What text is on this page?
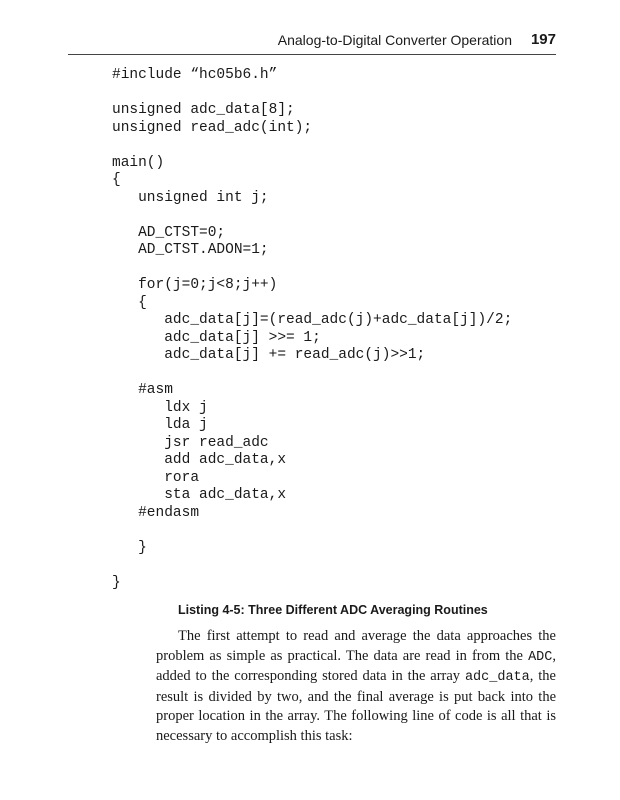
Analog-to-Digital Converter Operation 197
#include “hc05b6.h”
unsigned adc_data[8];
unsigned read_adc(int);
main()
{
unsigned int j;
AD_CTST=0;
AD_CTST.ADON=1;
for(j=0;j<8;j++)
{
adc_data[j]=(read_adc(j)+adc_data[j])/2;
adc_data[j] >>= 1;
adc_data[j] += read_adc(j)>>1;
#asm
ldx j
lda j
jsr read_adc
add adc_data,x
rora
sta adc_data,x
#endasm
}
}
Listing 4-5: Three Different ADC Averaging Routines

The first attempt to read and average the data approaches the problem as simple as practical. The data are read in from the ADC, added to the corresponding stored data in the array adc_data, the result is divided by two, and the final average is put back into the proper location in the array. The following line of code is all that is necessary to accomplish this task:
